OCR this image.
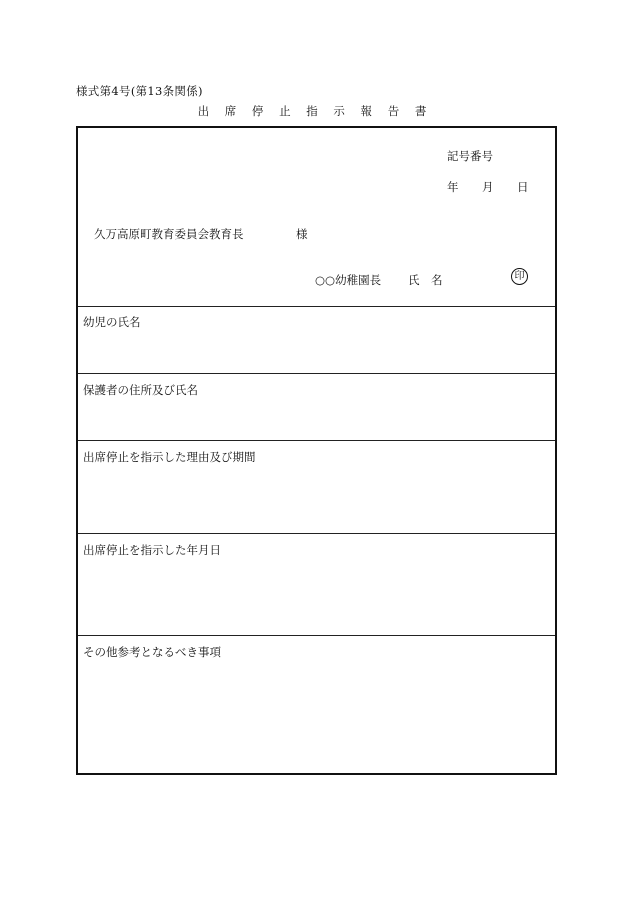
様式第4号(第13条関係)
出 席 停 止 指 示 報 告 書
記号番号
年 月 日
久万高原町教育委員会教育長	様
○○幼稚園長 氏　名	印
幼児の氏名
保護者の住所及び氏名
出席停止を指示した理由及び期間
出席停止を指示した年月日
その他参考となるべき事項
